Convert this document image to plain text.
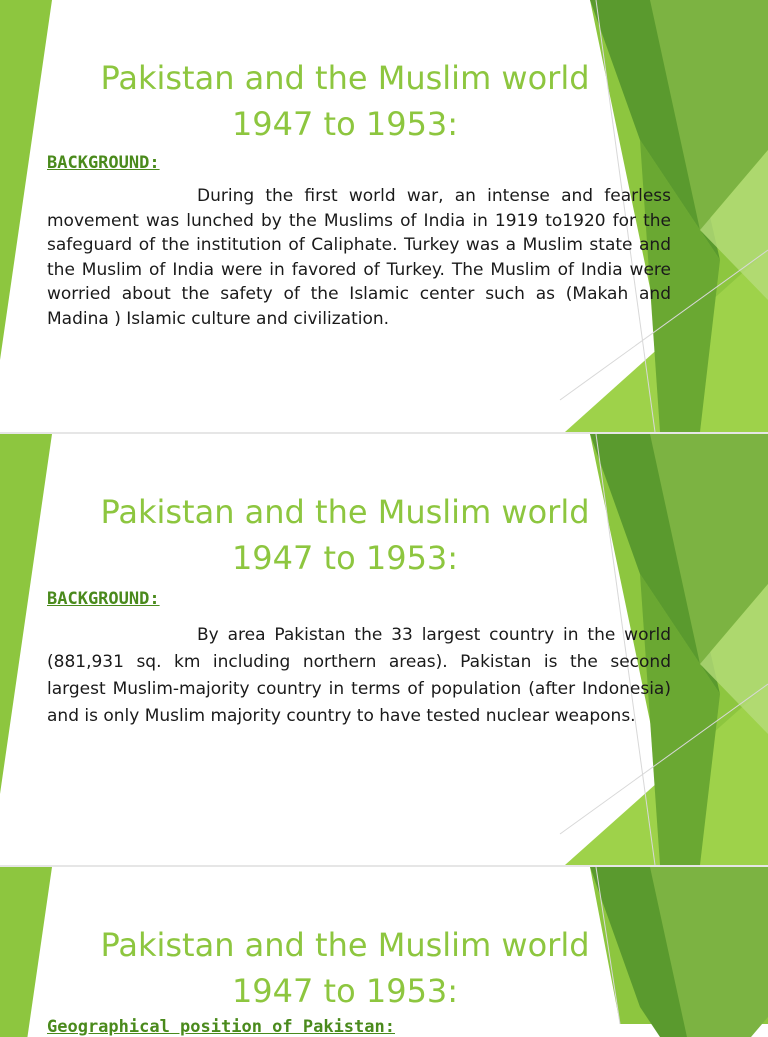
Pakistan and the Muslim world
1947 to 1953:
BACKGROUND:

During the first world war, an intense and fearless movement was lunched by the Muslims of India in 1919 to1920 for the safeguard of the institution of Caliphate. Turkey was a Muslim state and the Muslim of India were in favored of Turkey. The Muslim of India were worried about the safety of the Islamic center such as (Makah and Madina ) Islamic culture and civilization.

Pakistan and the Muslim world
1947 to 1953:
BACKGROUND:

By area Pakistan the 33 largest country in the world (881,931 sq. km including northern areas). Pakistan is the second largest Muslim-majority country in terms of population (after Indonesia) and is only Muslim majority country to have tested nuclear weapons.

Pakistan and the Muslim world
1947 to 1953:
Geographical position of Pakistan:
